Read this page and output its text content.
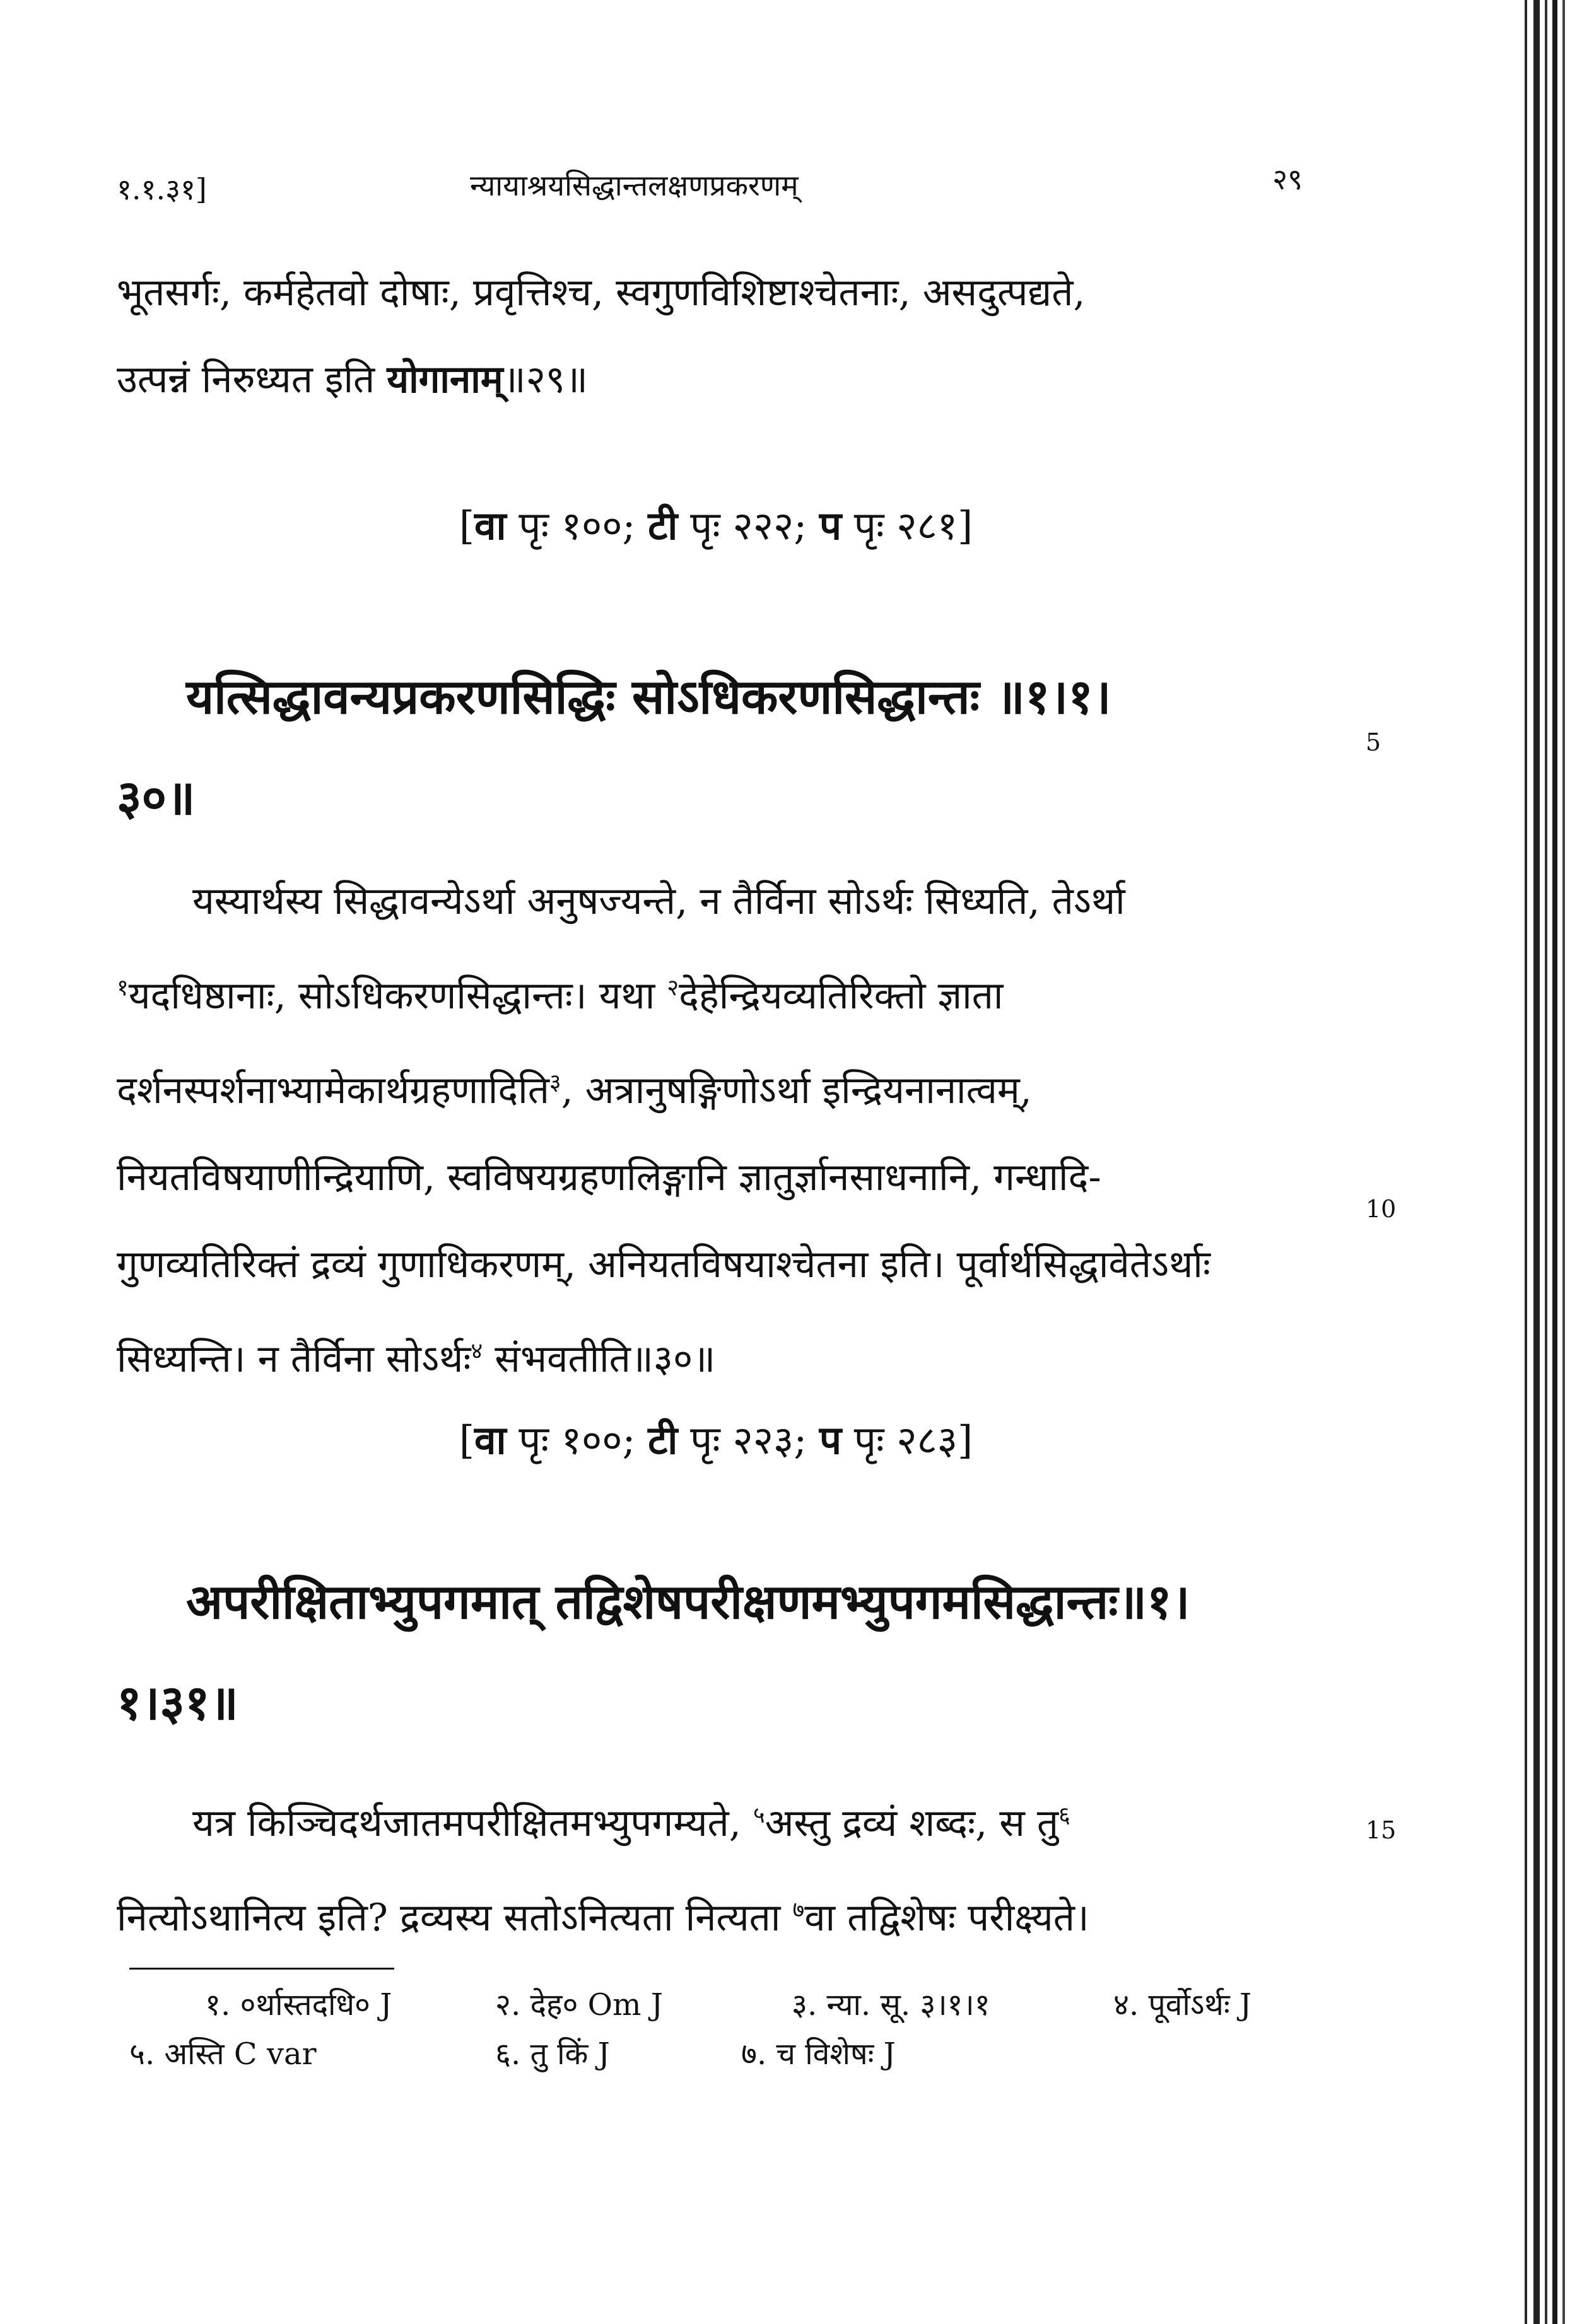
१.१.३१]	न्यायाश्रयसिद्धान्तलक्षणप्रकरणम्	२९
भूतसर्गः, कर्महेतवो दोषाः, प्रवृत्तिश्च, स्वगुणविशिष्टाश्चेतनाः, असदुत्पद्यते,
उत्पन्नं निरुध्यत इति योगानाम्॥२९॥
[वा पृः १००; टी पृः २२२; प पृः २८१]
यत्सिद्धावन्यप्रकरणसिद्धिः सोऽधिकरणसिद्धान्तः ॥१।१।
३०॥
5
यस्यार्थस्य सिद्धावन्येऽर्था अनुषज्यन्ते, न तैर्विना सोऽर्थः सिध्यति, तेऽर्था
$^१$यदधिष्ठानाः, सोऽधिकरणसिद्धान्तः। यथा $^२$देहेन्द्रियव्यतिरिक्तो ज्ञाता
दर्शनस्पर्शनाभ्यामेकार्थग्रहणादिति$^३$, अत्रानुषङ्गिणोऽर्था इन्द्रियनानात्वम्,
नियतविषयाणीन्द्रियाणि, स्वविषयग्रहणलिङ्गानि ज्ञातुर्ज्ञानसाधनानि, गन्धादि-
गुणव्यतिरिक्तं द्रव्यं गुणाधिकरणम्, अनियतविषयाश्चेतना इति। पूर्वार्थसिद्धावेतेऽर्थाः
सिध्यन्ति। न तैर्विना सोऽर्थः$^४$ संभवतीति॥३०॥
10
[वा पृः १००; टी पृः २२३; प पृः २८३]
अपरीक्षिताभ्युपगमात् तद्विशेषपरीक्षणमभ्युपगमसिद्धान्तः॥१।
१।३१॥
यत्र किञ्चिदर्थजातमपरीक्षितमभ्युपगम्यते, $^५$अस्तु द्रव्यं शब्दः, स तु$^६$
नित्योऽथानित्य इति? द्रव्यस्य सतोऽनित्यता नित्यता $^७$वा तद्विशेषः परीक्ष्यते।
15
१. ०र्थास्तदधि० J	२. देह० Om J	३. न्या. सू. ३।१।१	४. पूर्वोऽर्थः J
५. अस्ति C var	६. तु किं J	७. च विशेषः J
